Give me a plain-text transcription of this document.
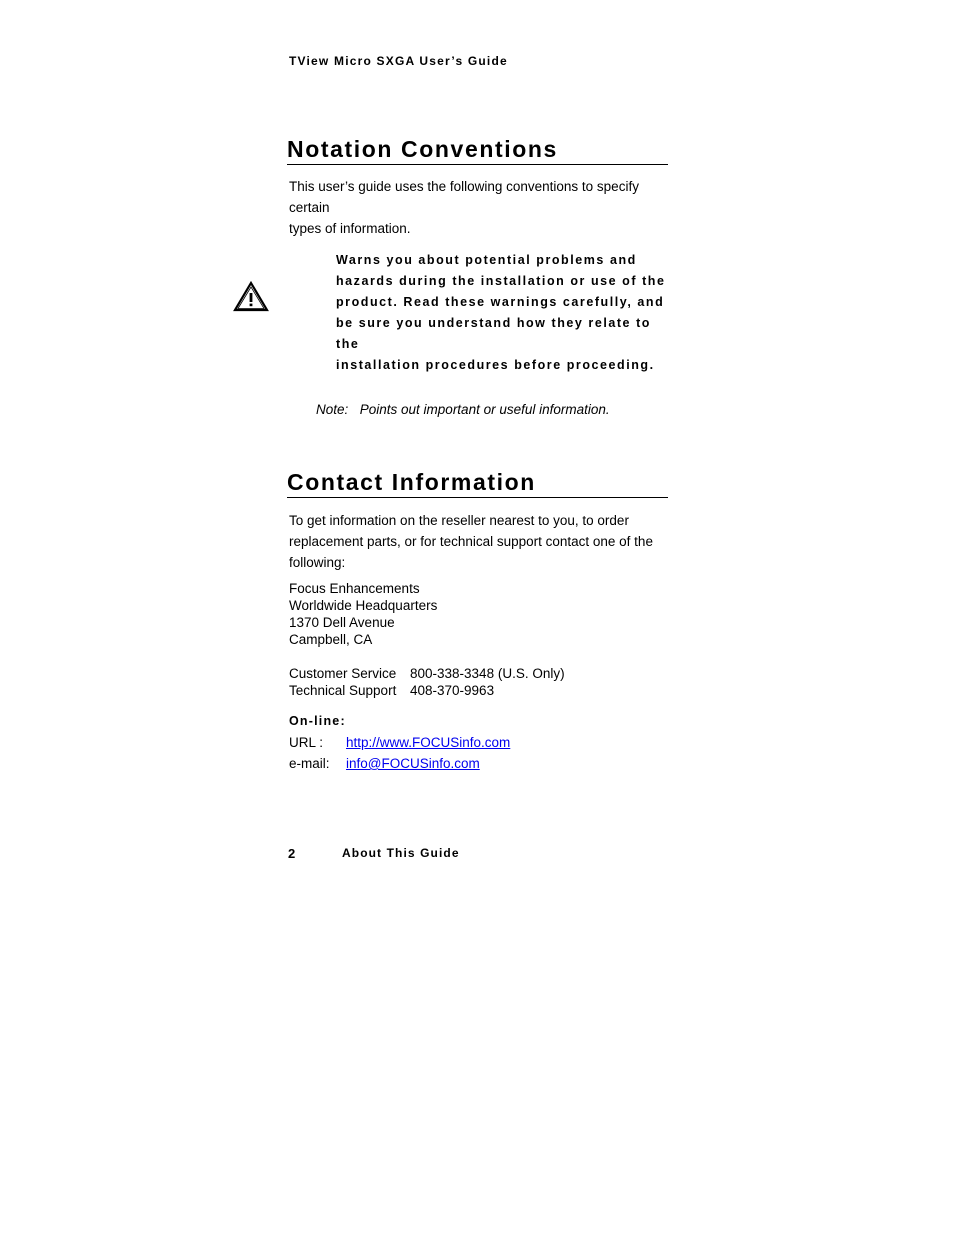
TView Micro SXGA User’s Guide
Notation Conventions
This user’s guide uses the following conventions to specify certain
types of information.
Warns you about potential problems and
hazards during the installation or use of the
product. Read these warnings carefully, and
be sure you understand how they relate to the
installation procedures before proceeding.
Note: Points out important or useful information.
Contact Information
To get information on the reseller nearest to you, to order
replacement parts, or for technical support contact one of the
following:
Focus Enhancements
Worldwide Headquarters
1370 Dell Avenue
Campbell, CA
Customer Service	800-338-3348 (U.S. Only)
Technical Support	408-370-9963
On-line:
URL :	http://www.FOCUSinfo.com
e-mail:	info@FOCUSinfo.com
2	About This Guide
